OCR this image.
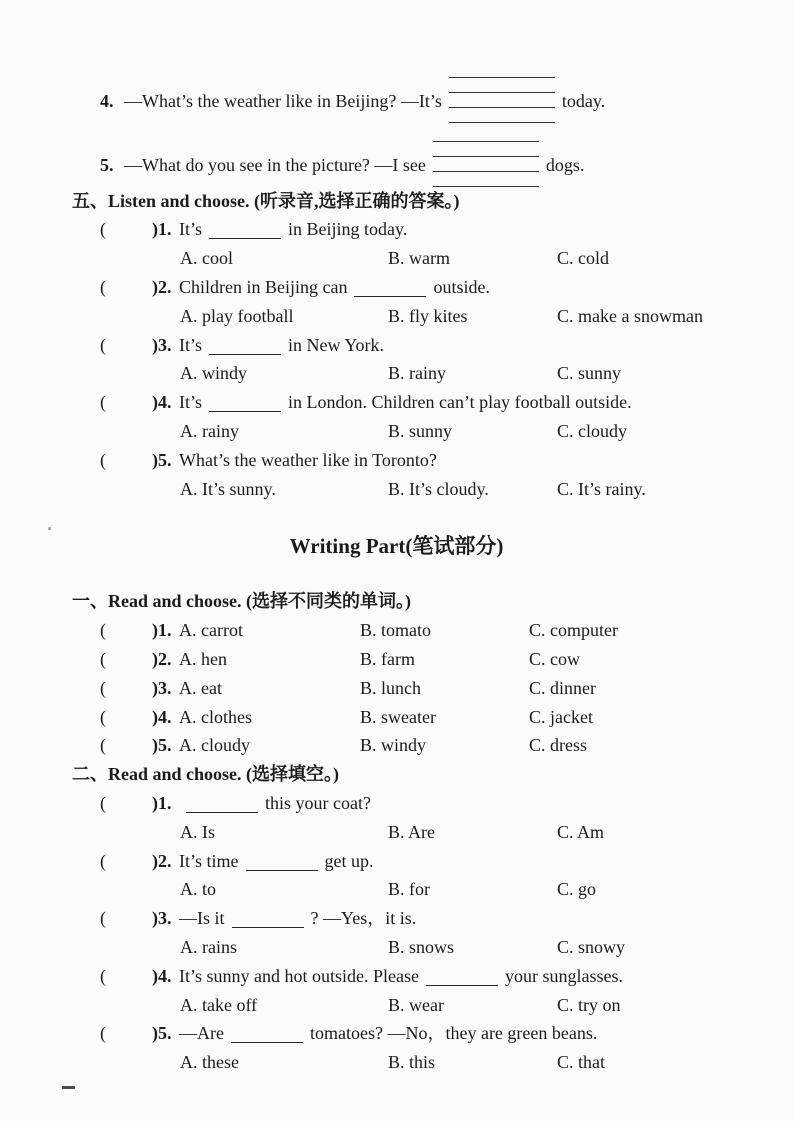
4. —What’s the weather like in Beijing? —It’s	today.
5. —What do you see in the picture? —I see	dogs.
五、Listen and choose. (听录音,选择正确的答案。)
(	)1. It’s	in Beijing today.
A. cool	B. warm	C. cold
(	)2. Children in Beijing can	outside.
A. play football	B. fly kites	C. make a snowman
(	)3. It’s	in New York.
A. windy	B. rainy	C. sunny
(	)4. It’s	in London. Children can’t play football outside.
A. rainy	B. sunny	C. cloudy
(	)5. What’s the weather like in Toronto?
A. It’s sunny.	B. It’s cloudy.	C. It’s rainy.
Writing Part(笔试部分)
一、Read and choose. (选择不同类的单词。)
(	)1. A. carrot	B. tomato	C. computer
(	)2. A. hen	B. farm	C. cow
(	)3. A. eat	B. lunch	C. dinner
(	)4. A. clothes	B. sweater	C. jacket
(	)5. A. cloudy	B. windy	C. dress
二、Read and choose. (选择填空。)
(	)1.	this your coat?
A. Is	B. Are	C. Am
(	)2. It’s time	get up.
A. to	B. for	C. go
(	)3. —Is it	? —Yes，it is.
A. rains	B. snows	C. snowy
(	)4. It’s sunny and hot outside. Please	your sunglasses.
A. take off	B. wear	C. try on
(	)5. —Are	tomatoes? —No，they are green beans.
A. these	B. this	C. that
